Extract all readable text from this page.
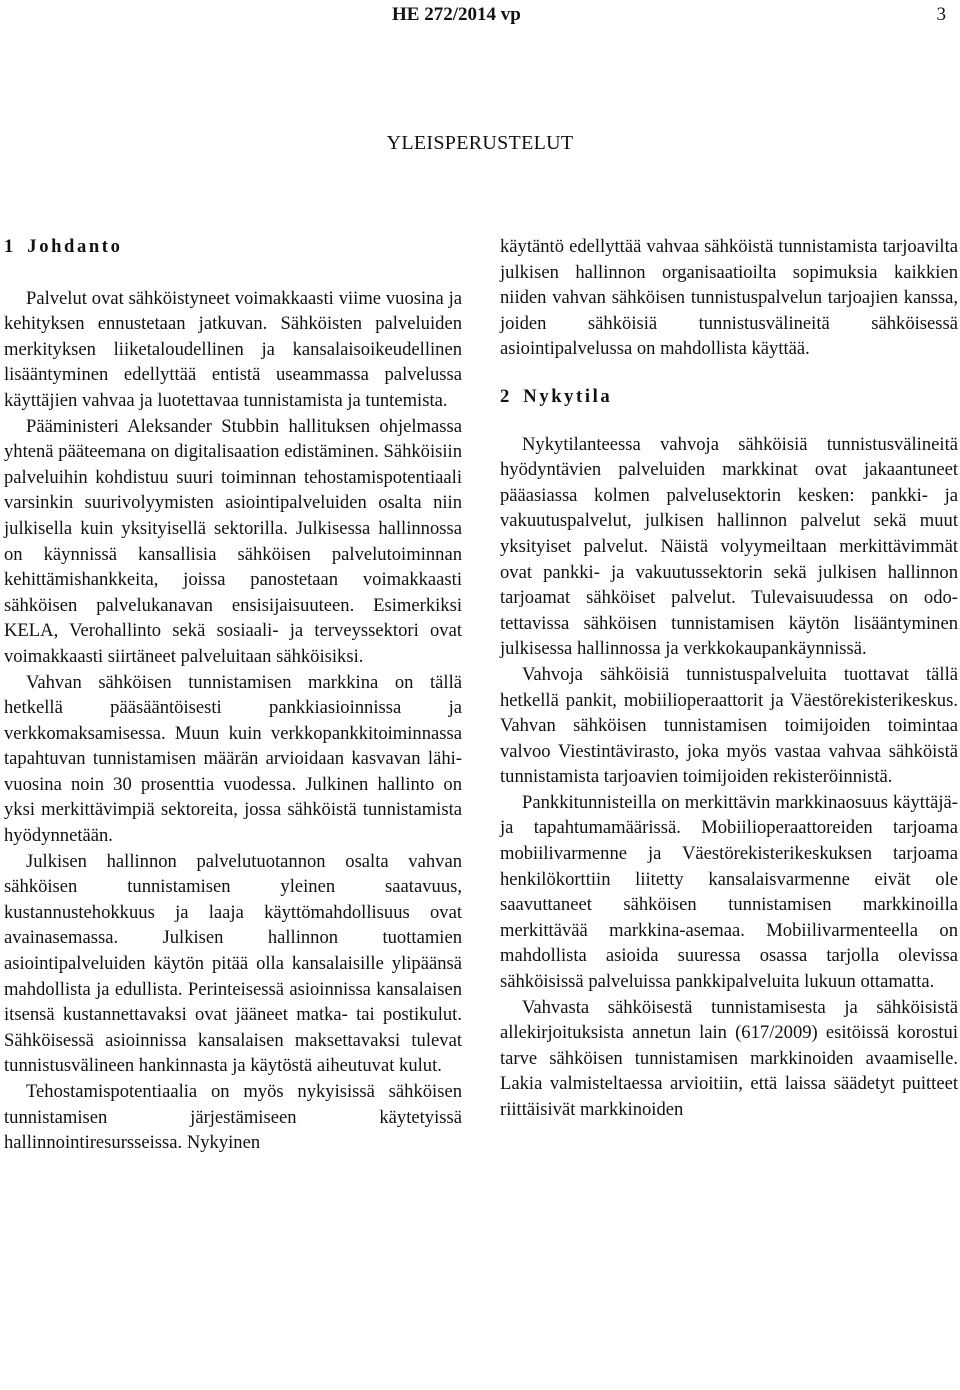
HE 272/2014 vp	3
YLEISPERUSTELUT
1 Johdanto

Palvelut ovat sähköistyneet voimakkaasti viime vuosina ja kehityksen ennustetaan jatkuvan. Sähköisten palveluiden merkityksen liiketaloudellinen ja kansalaisoikeudellinen lisääntyminen edellyttää entistä useammassa palvelussa käyttäjien vahvaa ja luotettavaa tunnistamista ja tuntemista.

Pääministeri Aleksander Stubbin hallituksen ohjelmassa yhtenä pääteemana on digitalisaation edistäminen. Sähköisiin palveluihin kohdistuu suuri toiminnan tehostamispotentiaali varsinkin suurivolyymisten asiointipalveluiden osalta niin julkisella kuin yksityisellä sektorilla. Julkisessa hallinnossa on käynnissä kansallisia sähköisen palvelutoiminnan kehittämishankkeita, joissa panostetaan voimakkaasti sähköisen palvelukanavan ensisijaisuuteen. Esimerkiksi KELA, Verohallinto sekä sosiaali- ja terveyssektori ovat voimakkaasti siirtäneet palveluitaan sähköisiksi.

Vahvan sähköisen tunnistamisen markkina on tällä hetkellä pääsääntöisesti pankkiasioinnissa ja verkkomaksamisessa. Muun kuin verkkopankkitoiminnassa tapahtuvan tunnistamisen määrän arvioidaan kasvavan lähivuosina noin 30 prosenttia vuodessa. Julkinen hallinto on yksi merkittävimpiä sektoreita, jossa sähköistä tunnistamista hyödynnetään.

Julkisen hallinnon palvelutuotannon osalta vahvan sähköisen tunnistamisen yleinen saatavuus, kustannustehokkuus ja laaja käyttömahdollisuus ovat avainasemassa. Julkisen hallinnon tuottamien asiointipalveluiden käytön pitää olla kansalaisille ylipäänsä mahdollista ja edullista. Perinteisessä asioinnissa kansalaisen itsensä kustannettavaksi ovat jääneet matka- tai postikulut. Sähköisessä asioinnissa kansalaisen maksettavaksi tulevat tunnistusvälineen hankinnasta ja käytöstä aiheutuvat kulut.

Tehostamispotentiaalia on myös nykyisissä sähköisen tunnistamisen järjestämiseen käytetyissä hallinnointiresursseissa. Nykyinen

käytäntö edellyttää vahvaa sähköistä tunnistamista tarjoavilta julkisen hallinnon organisaatioilta sopimuksia kaikkien niiden vahvan sähköisen tunnistuspalvelun tarjoajien kanssa, joiden sähköisiä tunnistusvälineitä sähköisessä asiointipalvelussa on mahdollista käyttää.

2 Nykytila

Nykytilanteessa vahvoja sähköisiä tunnistusvälineitä hyödyntävien palveluiden markkinat ovat jakaantuneet pääasiassa kolmen palvelusektorin kesken: pankki- ja vakuutuspalvelut, julkisen hallinnon palvelut sekä muut yksityiset palvelut. Näistä volyymeiltaan merkittävimmät ovat pankki- ja vakuutussektorin sekä julkisen hallinnon tarjoamat sähköiset palvelut. Tulevaisuudessa on odotettavissa sähköisen tunnistamisen käytön lisääntyminen julkisessa hallinnossa ja verkkokaupankäynnissä.

Vahvoja sähköisiä tunnistuspalveluita tuottavat tällä hetkellä pankit, mobiilioperaattorit ja Väestörekisterikeskus. Vahvan sähköisen tunnistamisen toimijoiden toimintaa valvoo Viestintävirasto, joka myös vastaa vahvaa sähköistä tunnistamista tarjoavien toimijoiden rekisteröinnistä.

Pankkitunnisteilla on merkittävin markkinaosuus käyttäjä- ja tapahtumamäärissä. Mobiilioperaattoreiden tarjoama mobiilivarmenne ja Väestörekisterikeskuksen tarjoama henkilökorttiin liitetty kansalaisvarmenne eivät ole saavuttaneet sähköisen tunnistamisen markkinoilla merkittävää markkina-asemaa. Mobiilivarmenteella on mahdollista asioida suuressa osassa tarjolla olevissa sähköisissä palveluissa pankkipalveluita lukuun ottamatta.

Vahvasta sähköisestä tunnistamisesta ja sähköisistä allekirjoituksista annetun lain (617/2009) esitöissä korostui tarve sähköisen tunnistamisen markkinoiden avaamiselle. Lakia valmisteltaessa arvioitiin, että laissa säädetyt puitteet riittäisivät markkinoiden
